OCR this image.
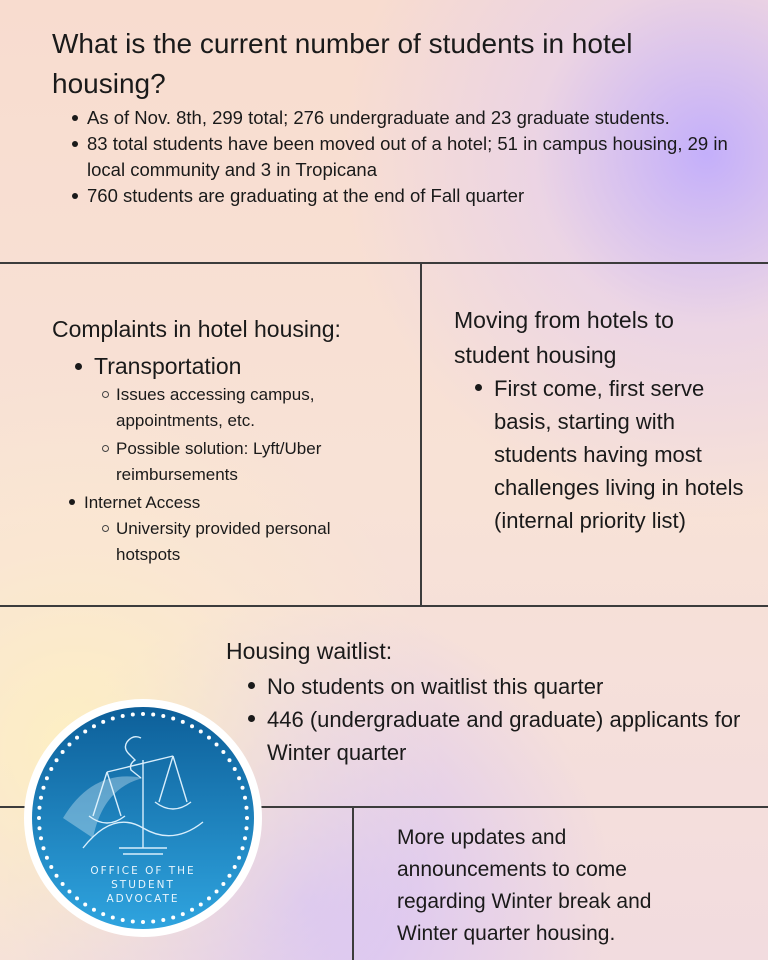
What is the current number of students in hotel housing?
As of Nov. 8th, 299 total; 276 undergraduate and 23 graduate students.
83 total students have been moved out of a hotel; 51 in campus housing, 29 in local community and 3 in Tropicana
760 students are graduating at the end of Fall quarter
Complaints in hotel housing:
Transportation
Issues accessing campus, appointments, etc.
Possible solution: Lyft/Uber reimbursements
Internet Access
University provided personal hotspots
Moving from hotels to student housing
First come, first serve basis, starting with students having most challenges living in hotels (internal priority list)
Housing waitlist:
No students on waitlist this quarter
446 (undergraduate and graduate) applicants for Winter quarter
More updates and announcements to come regarding Winter break and Winter quarter housing.
OFFICE OF THE
STUDENT
ADVOCATE
